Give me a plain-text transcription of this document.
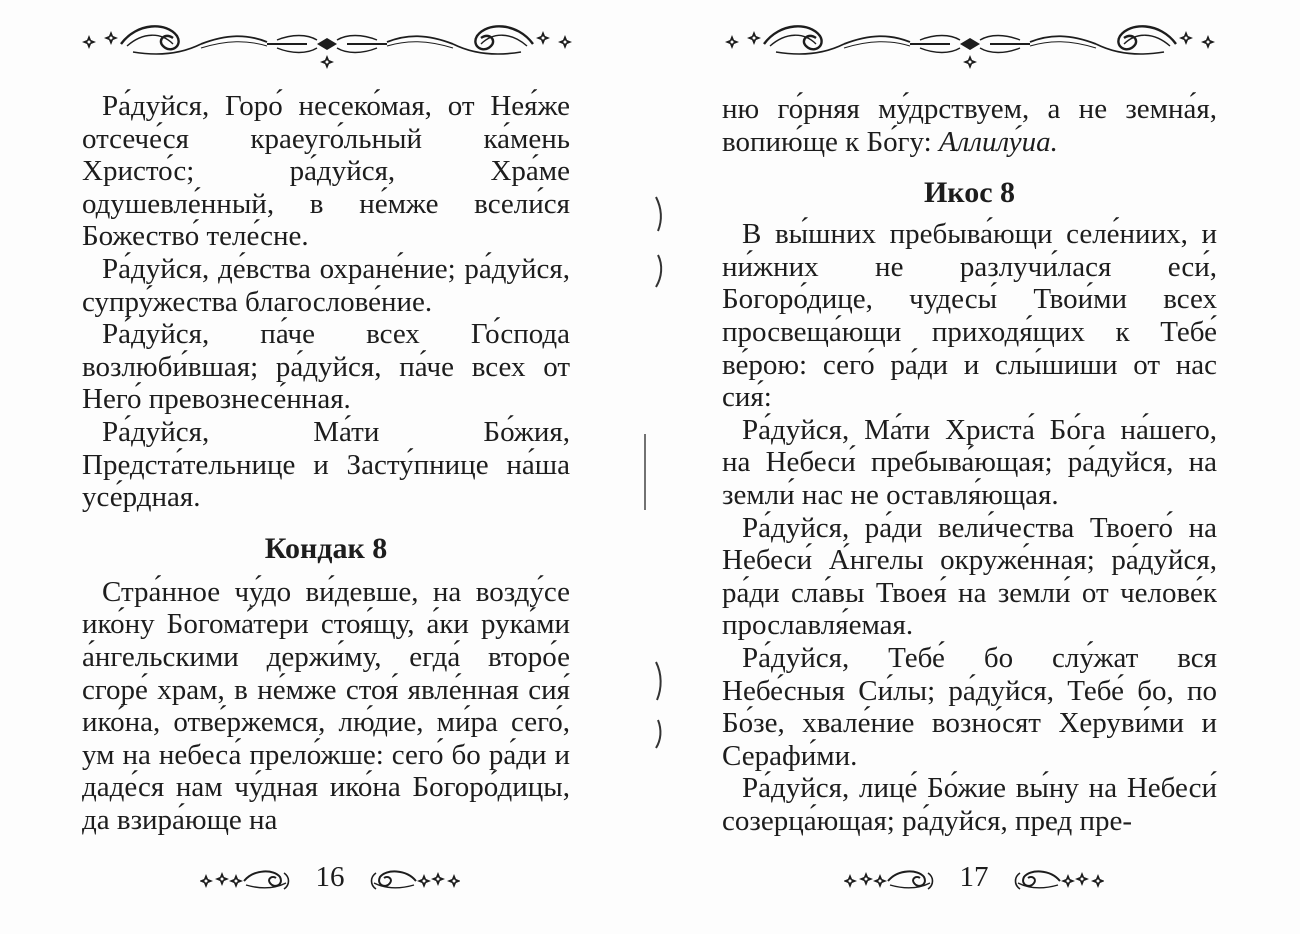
Ра́дуйся, Горо́ несеко́мая, от Нея́же отсече́ся краеуго́льный ка́мень Христо́с; ра́дуйся, Хра́ме одушевле́нный, в не́мже всели́ся Божество́ теле́сне.

Ра́дуйся, де́вства охране́ние; ра́дуйся, супру́жества благослове́ние.

Ра́дуйся, па́че всех Го́спода возлюби́вшая; ра́дуйся, па́че всех от Него́ превознесе́нная.

Ра́дуйся, Ма́ти Бо́жия, Предста́тельнице и Засту́пнице на́ша усе́рдная.

Кондак 8

Стра́нное чу́до ви́девше, на возду́се ико́ну Богома́тери стоя́щу, а́ки рука́ми а́нгельскими держи́му, егда́ второ́е сгоре́ храм, в не́мже стоя́ явле́нная сия́ ико́на, отве́ржемся, лю́дие, ми́ра сего́, ум на небеса́ прело́жше: сего́ бо ра́ди и даде́ся нам чу́дная ико́на Богоро́дицы, да взира́юще на

16

ню го́рняя му́дрствуем, а не земна́я, вопию́ще к Бо́гу: Аллилу́иа.

Икос 8

В вы́шних пребыва́ющи селе́ниих, и ни́жних не разлучи́лася еси́, Богоро́дице, чудесы́ Твои́ми всех просвеща́ющи приходя́щих к Тебе́ ве́рою: сего́ ра́ди и слы́шиши от нас сия́:

Ра́дуйся, Ма́ти Христа́ Бо́га на́шего, на Небеси́ пребыва́ющая; ра́дуйся, на земли́ нас не оставля́ющая.

Ра́дуйся, ра́ди вели́чества Твоего́ на Небеси́ А́нгелы окруже́нная; ра́дуйся, ра́ди сла́вы Твоея́ на земли́ от челове́к прославля́емая.

Ра́дуйся, Тебе́ бо слу́жат вся Небе́сныя Си́лы; ра́дуйся, Тебе́ бо, по Бо́зе, хвале́ние возно́сят Херуви́ми и Серафи́ми.

Ра́дуйся, лице́ Бо́жие вы́ну на Небеси́ созерца́ющая; ра́дуйся, пред пре-

17
